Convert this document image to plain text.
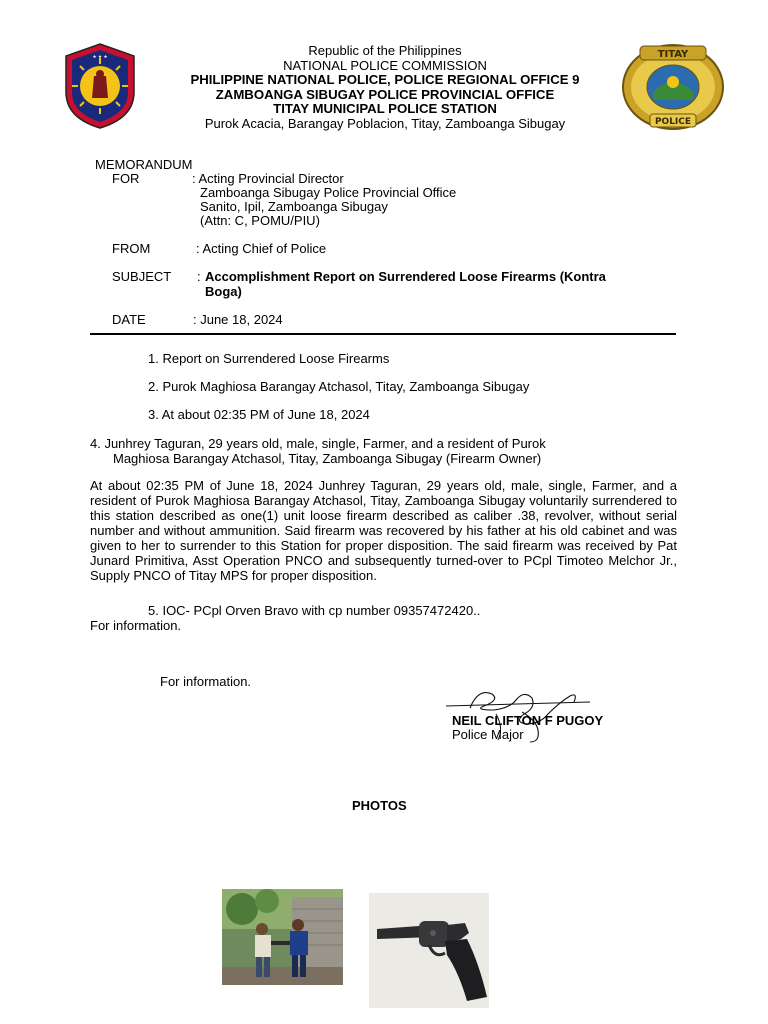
★ ★ ★	TITAY
POLICE
Republic of the Philippines
NATIONAL POLICE COMMISSION
PHILIPPINE NATIONAL POLICE, POLICE REGIONAL OFFICE 9
ZAMBOANGA SIBUGAY POLICE PROVINCIAL OFFICE
TITAY MUNICIPAL POLICE STATION
Purok Acacia, Barangay Poblacion, Titay, Zamboanga Sibugay
MEMORANDUM
FOR	: Acting Provincial Director
Zamboanga Sibugay Police Provincial Office
Sanito, Ipil, Zamboanga Sibugay
(Attn: C, POMU/PIU)
FROM	: Acting Chief of Police
SUBJECT : Accomplishment Report on Surrendered Loose Firearms (Kontra
Boga)
DATE	: June 18, 2024
1. Report on Surrendered Loose Firearms
2. Purok Maghiosa Barangay Atchasol, Titay, Zamboanga Sibugay
3. At about 02:35 PM of June 18, 2024
4. Junhrey Taguran, 29 years old, male, single, Farmer, and a resident of Purok
Maghiosa Barangay Atchasol, Titay, Zamboanga Sibugay (Firearm Owner)
At about 02:35 PM of June 18, 2024 Junhrey Taguran, 29 years old, male, single, Farmer, and a resident of Purok Maghiosa Barangay Atchasol, Titay, Zamboanga Sibugay voluntarily surrendered to this station described as one(1) unit loose firearm described as caliber .38, revolver, without serial number and without ammunition. Said firearm was recovered by his father at his old cabinet and was given to her to surrender to this Station for proper disposition. The said firearm was received by Pat Junard Primitiva, Asst Operation PNCO and subsequently turned-over to PCpl Timoteo Melchor Jr., Supply PNCO of Titay MPS for proper disposition.
5. IOC- PCpl Orven Bravo with cp number 09357472420..
For information.
For information.
NEIL CLIFTON F PUGOY
Police Major
PHOTOS
